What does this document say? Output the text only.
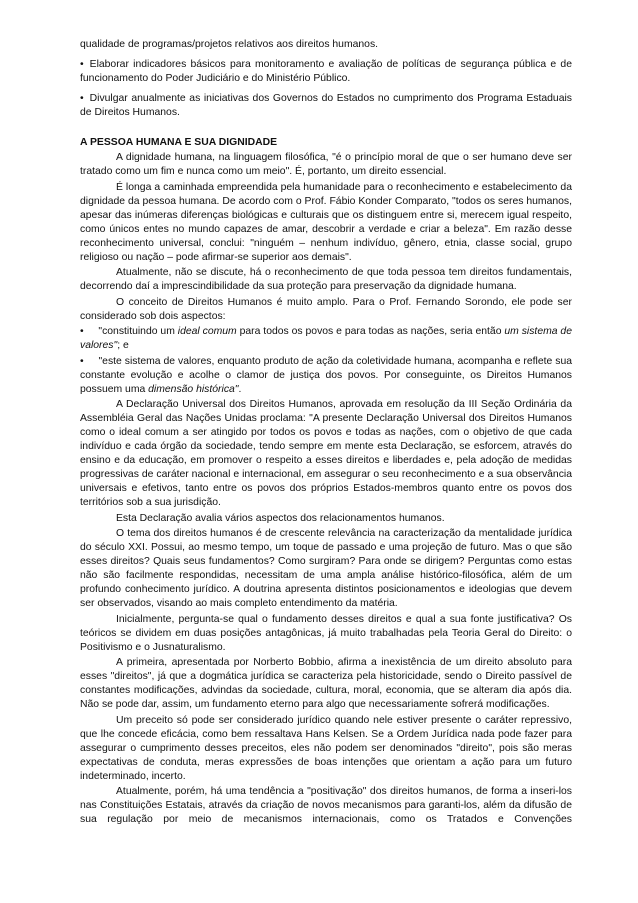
qualidade de programas/projetos relativos aos direitos humanos.

• Elaborar indicadores básicos para monitoramento e avaliação de políticas de segurança pública e de funcionamento do Poder Judiciário e do Ministério Público.

• Divulgar anualmente as iniciativas dos Governos do Estados no cumprimento dos Programa Estaduais de Direitos Humanos.

A PESSOA HUMANA E SUA DIGNIDADE

A dignidade humana, na linguagem filosófica, "é o princípio moral de que o ser humano deve ser tratado como um fim e nunca como um meio". É, portanto, um direito essencial.

É longa a caminhada empreendida pela humanidade para o reconhecimento e estabelecimento da dignidade da pessoa humana. De acordo com o Prof. Fábio Konder Comparato, "todos os seres humanos, apesar das inúmeras diferenças biológicas e culturais que os distinguem entre si, merecem igual respeito, como únicos entes no mundo capazes de amar, descobrir a verdade e criar a beleza". Em razão desse reconhecimento universal, conclui: "ninguém – nenhum indivíduo, gênero, etnia, classe social, grupo religioso ou nação – pode afirmar-se superior aos demais".

Atualmente, não se discute, há o reconhecimento de que toda pessoa tem direitos fundamentais, decorrendo daí a imprescindibilidade da sua proteção para preservação da dignidade humana.

O conceito de Direitos Humanos é muito amplo. Para o Prof. Fernando Sorondo, ele pode ser considerado sob dois aspectos:

• "constituindo um ideal comum para todos os povos e para todas as nações, seria então um sistema de valores"; e

• "este sistema de valores, enquanto produto de ação da coletividade humana, acompanha e reflete sua constante evolução e acolhe o clamor de justiça dos povos. Por conseguinte, os Direitos Humanos possuem uma dimensão histórica".

A Declaração Universal dos Direitos Humanos, aprovada em resolução da III Seção Ordinária da Assembléia Geral das Nações Unidas proclama: "A presente Declaração Universal dos Direitos Humanos como o ideal comum a ser atingido por todos os povos e todas as nações, com o objetivo de que cada indivíduo e cada órgão da sociedade, tendo sempre em mente esta Declaração, se esforcem, através do ensino e da educação, em promover o respeito a esses direitos e liberdades e, pela adoção de medidas progressivas de caráter nacional e internacional, em assegurar o seu reconhecimento e a sua observância universais e efetivos, tanto entre os povos dos próprios Estados-membros quanto entre os povos dos territórios sob a sua jurisdição.

Esta Declaração avalia vários aspectos dos relacionamentos humanos.

O tema dos direitos humanos é de crescente relevância na caracterização da mentalidade jurídica do século XXI. Possui, ao mesmo tempo, um toque de passado e uma projeção de futuro. Mas o que são esses direitos? Quais seus fundamentos? Como surgiram? Para onde se dirigem? Perguntas como estas não são facilmente respondidas, necessitam de uma ampla análise histórico-filosófica, além de um profundo conhecimento jurídico. A doutrina apresenta distintos posicionamentos e ideologias que devem ser observados, visando ao mais completo entendimento da matéria.

Inicialmente, pergunta-se qual o fundamento desses direitos e qual a sua fonte justificativa? Os teóricos se dividem em duas posições antagônicas, já muito trabalhadas pela Teoria Geral do Direito: o Positivismo e o Jusnaturalismo.

A primeira, apresentada por Norberto Bobbio, afirma a inexistência de um direito absoluto para esses "direitos", já que a dogmática jurídica se caracteriza pela historicidade, sendo o Direito passível de constantes modificações, advindas da sociedade, cultura, moral, economia, que se alteram dia após dia. Não se pode dar, assim, um fundamento eterno para algo que necessariamente sofrerá modificações.

Um preceito só pode ser considerado jurídico quando nele estiver presente o caráter repressivo, que lhe concede eficácia, como bem ressaltava Hans Kelsen. Se a Ordem Jurídica nada pode fazer para assegurar o cumprimento desses preceitos, eles não podem ser denominados "direito", pois são meras expectativas de conduta, meras expressões de boas intenções que orientam a ação para um futuro indeterminado, incerto.

Atualmente, porém, há uma tendência a "positivação" dos direitos humanos, de forma a inseri-los nas Constituições Estatais, através da criação de novos mecanismos para garanti-los, além da difusão de sua regulação por meio de mecanismos internacionais, como os Tratados e Convenções
